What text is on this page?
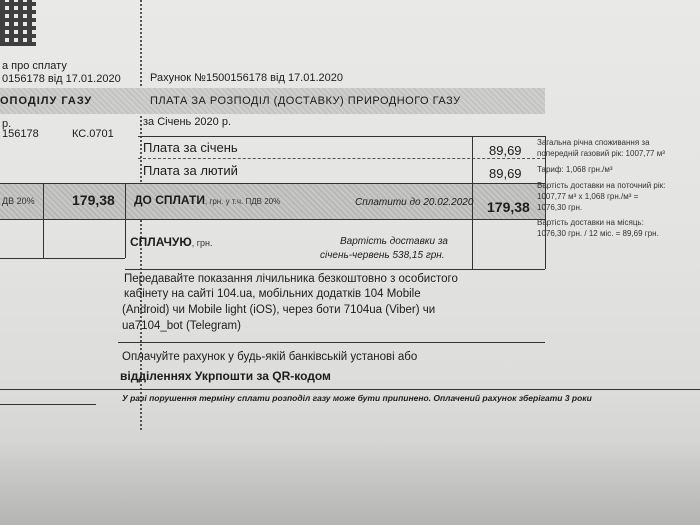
а про сплату
0156178 від 17.01.2020
ОПОДІЛУ ГАЗУ
р.
156178	КС.0701
ДВ 20%	179,38
Рахунок №1500156178 від 17.01.2020
ПЛАТА ЗА РОЗПОДІЛ (ДОСТАВКУ) ПРИРОДНОГО ГАЗУ
за Січень 2020 р.
Плата за січень	89,69
Плата за лютий	89,69
ДО СПЛАТИ, грн. у т.ч. ПДВ 20%	Сплатити до 20.02.2020 179,38
СПЛАЧУЮ, грн.	Вартість доставки за
січень-червень 538,15 грн.
Передавайте показання лічильника безкоштовно з особистого
кабінету на сайті 104.ua, мобільних додатків 104 Mobile
(Android) чи Mobile light (iOS), через боти 7104ua (Viber) чи
ua7104_bot (Telegram)
Оплачуйте рахунок у будь-якій банківській установі або
відділеннях Укрпошти за QR-кодом
У разі порушення терміну сплати розподіл газу може бути припинено. Оплачений рахунок зберігати 3 роки
Загальна річна споживання за
попередній газовий рік: 1007,77 м³
Тариф: 1,068 грн./м³
Вартість доставки на поточний рік:
1007,77 м³ х 1,068 грн./м³ =
1076,30 грн.
Вартість доставки на місяць:
1076,30 грн. / 12 міс. = 89,69 грн.
